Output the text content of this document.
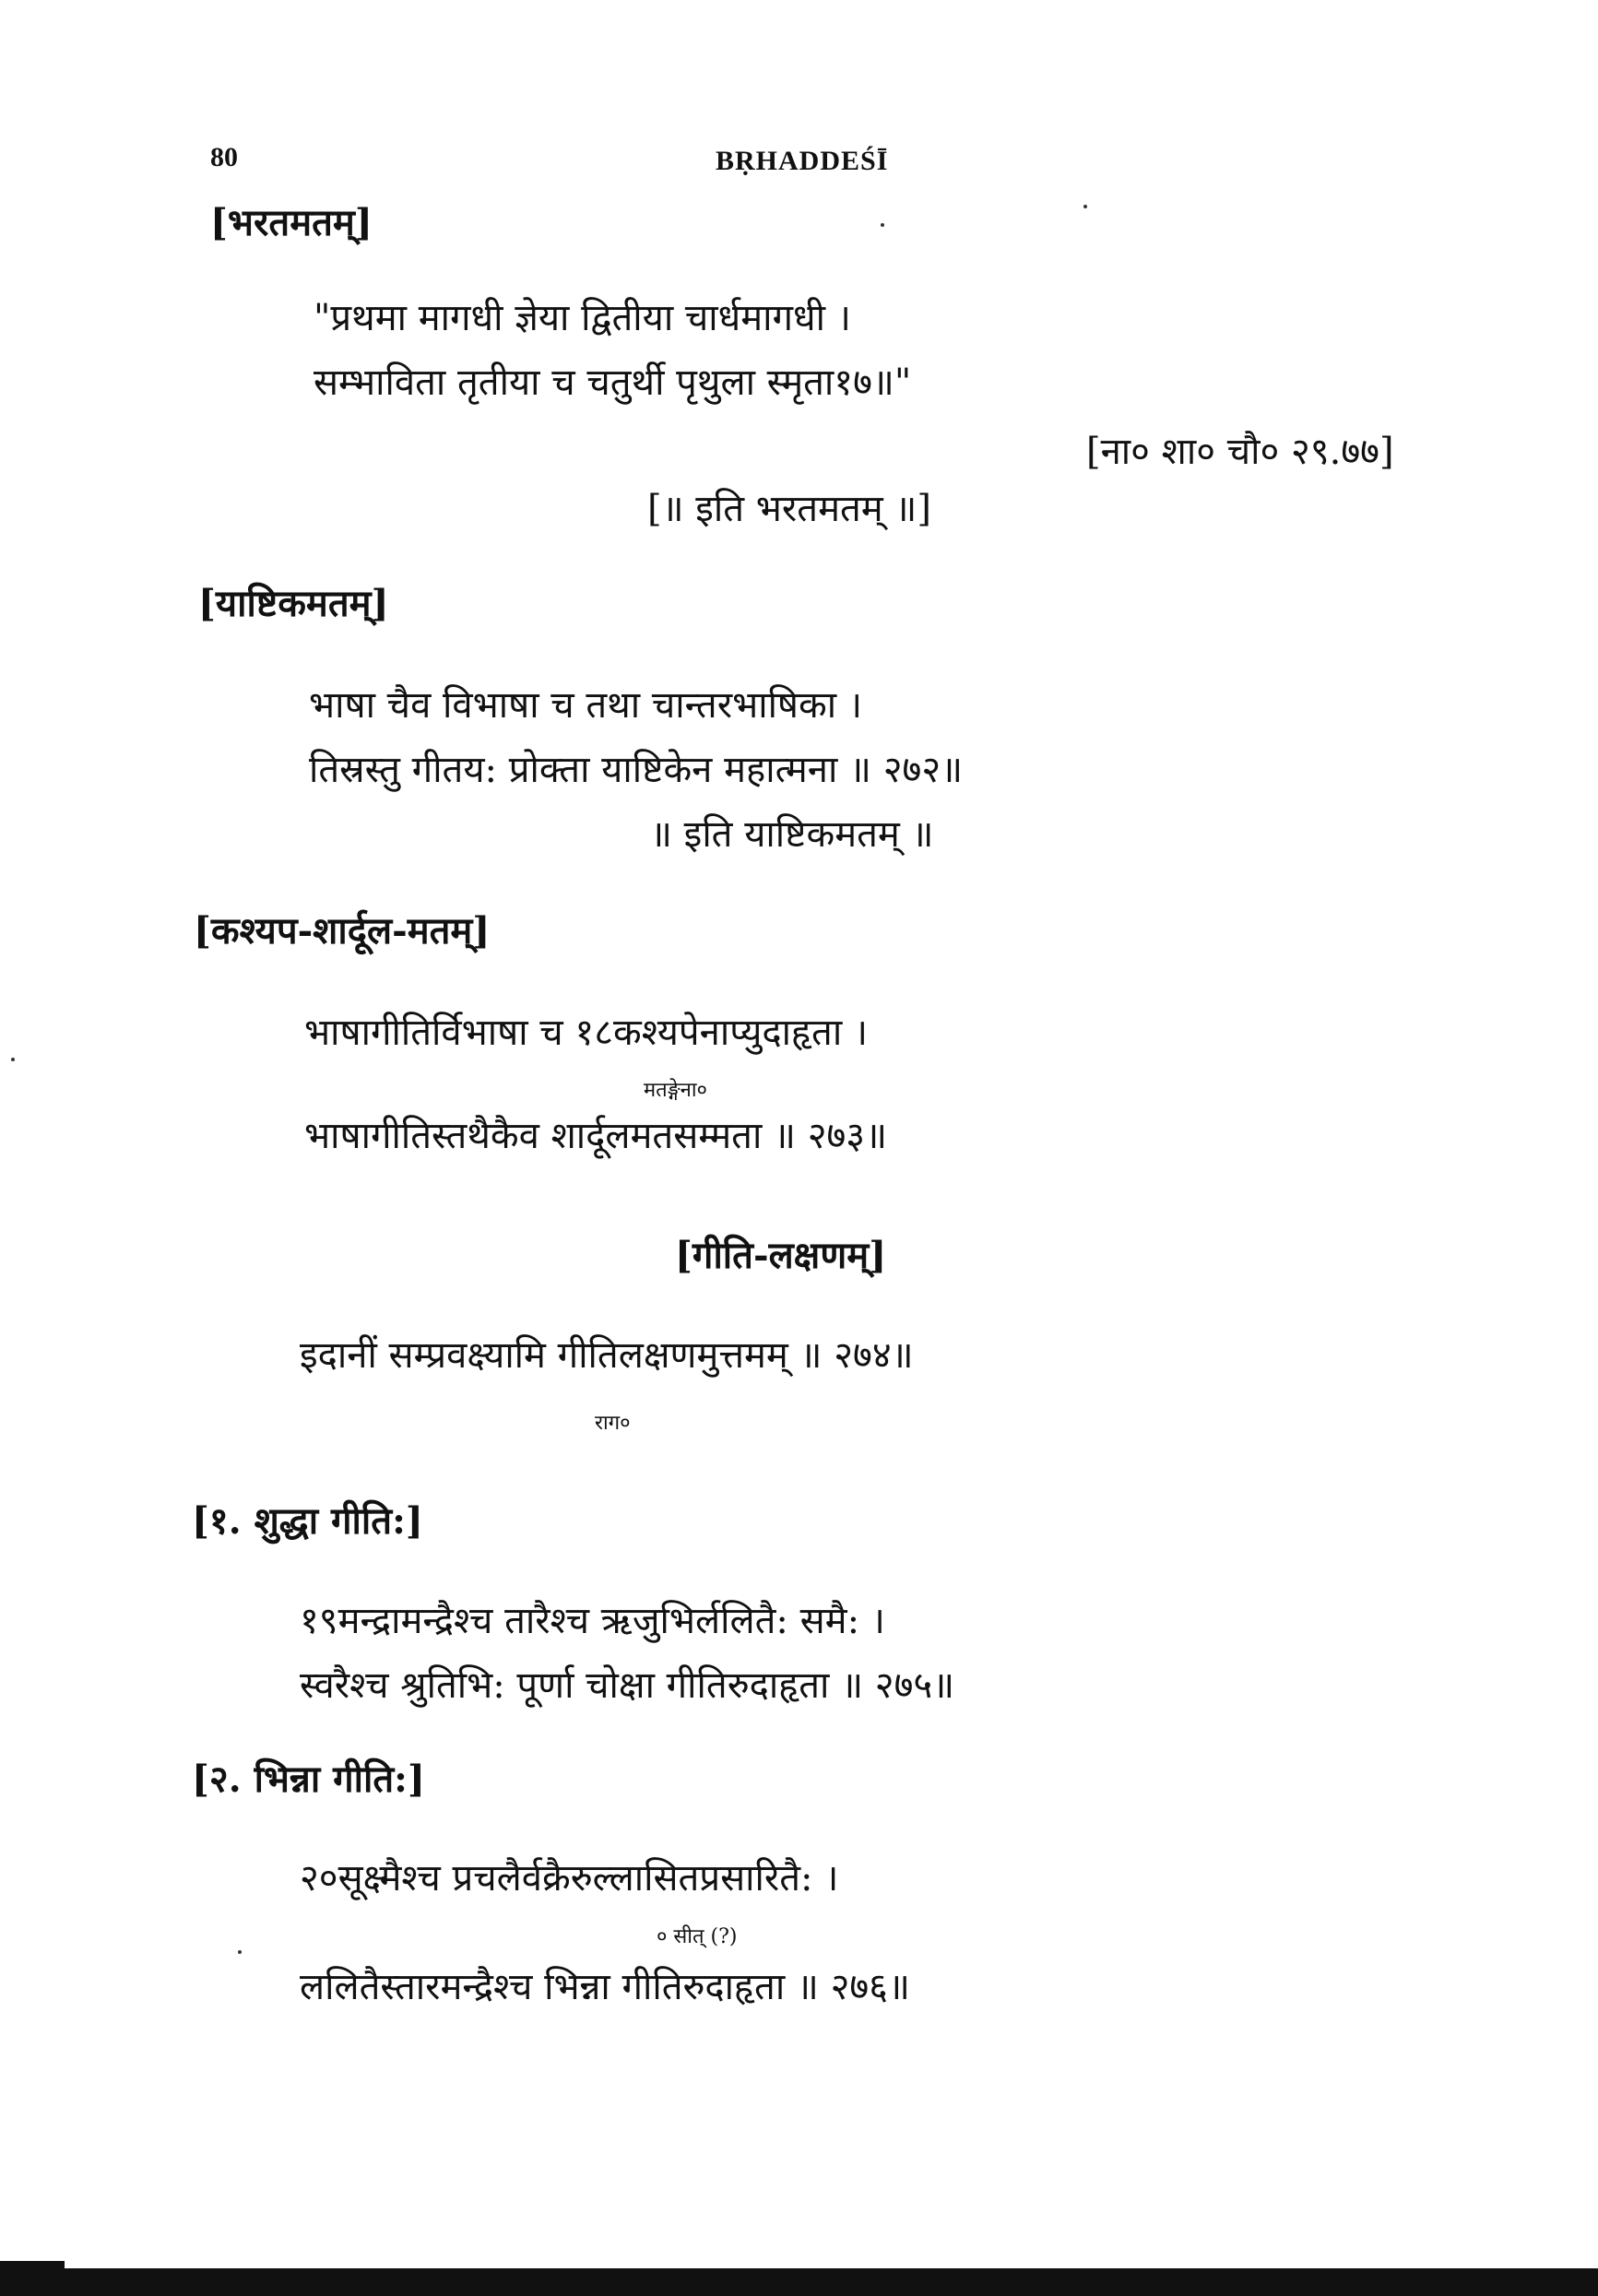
80	BṚHADDEŚĪ
[भरतमतम्]
"प्रथमा मागधी ज्ञेया द्वितीया चार्धमागधी ।
सम्भाविता तृतीया च चतुर्थी पृथुला स्मृता१७॥"
[ना० शा० चौ० २९.७७]
[॥ इति भरतमतम् ॥]
[याष्टिकमतम्]
भाषा चैव विभाषा च तथा चान्तरभाषिका ।
तिस्रस्तु गीतय: प्रोक्ता याष्टिकेन महात्मना ॥ २७२॥
॥ इति याष्टिकमतम् ॥
[कश्यप-शार्दूल-मतम्]
भाषागीतिर्विभाषा च १८कश्यपेनाप्युदाहृता ।
मतङ्गेना०
भाषागीतिस्तथैकैव शार्दूलमतसम्मता ॥ २७३॥
[गीति-लक्षणम्]
इदानीं सम्प्रवक्ष्यामि गीतिलक्षणमुत्तमम् ॥ २७४॥
राग०
[१. शुद्धा गीति:]
१९मन्द्रामन्द्रैश्च तारैश्च ऋजुभिर्ललितै: समै: ।
स्वरैश्च श्रुतिभि: पूर्णा चोक्षा गीतिरुदाहृता ॥ २७५॥
[२. भिन्ना गीति:]
२०सूक्ष्मैश्च प्रचलैर्वक्रैरुल्लासितप्रसारितै: ।
० सीत् (?)
ललितैस्तारमन्द्रैश्च भिन्ना गीतिरुदाहृता ॥ २७६॥
